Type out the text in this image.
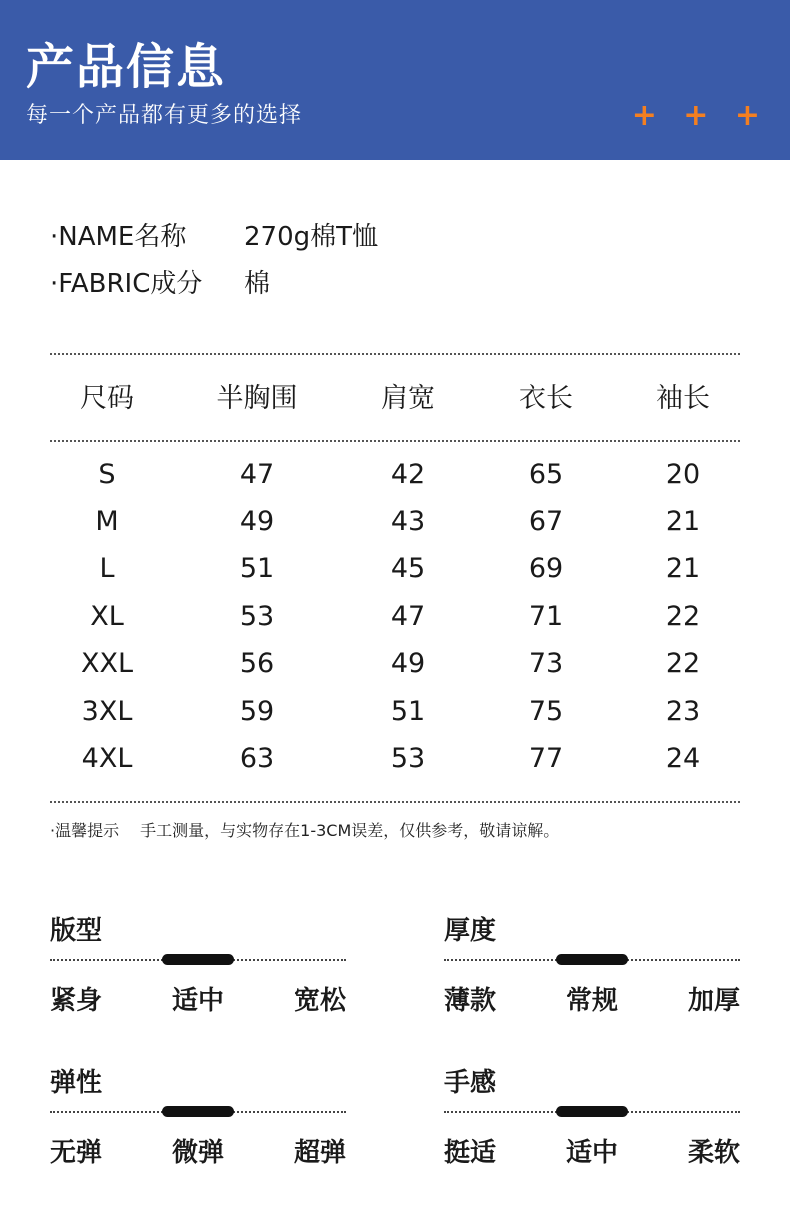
产品信息
每一个产品都有更多的选择	+ + +
·NAME名称 270g棉T恤
·FABRIC成分 棉
尺码	半胸围	肩宽	衣长	袖长
S	47	42	65	20
M	49	43	67	21
L	51	45	69	21
XL	53	47	71	22
XXL	56	49	73	22
3XL	59	51	75	23
4XL	63	53	77	24
·温馨提示　 手工测量，与实物存在1-3CM误差，仅供参考，敬请谅解。
版型
紧身	适中	宽松
厚度
薄款	常规	加厚
弹性
无弹	微弹	超弹
手感
挺适	适中	柔软
